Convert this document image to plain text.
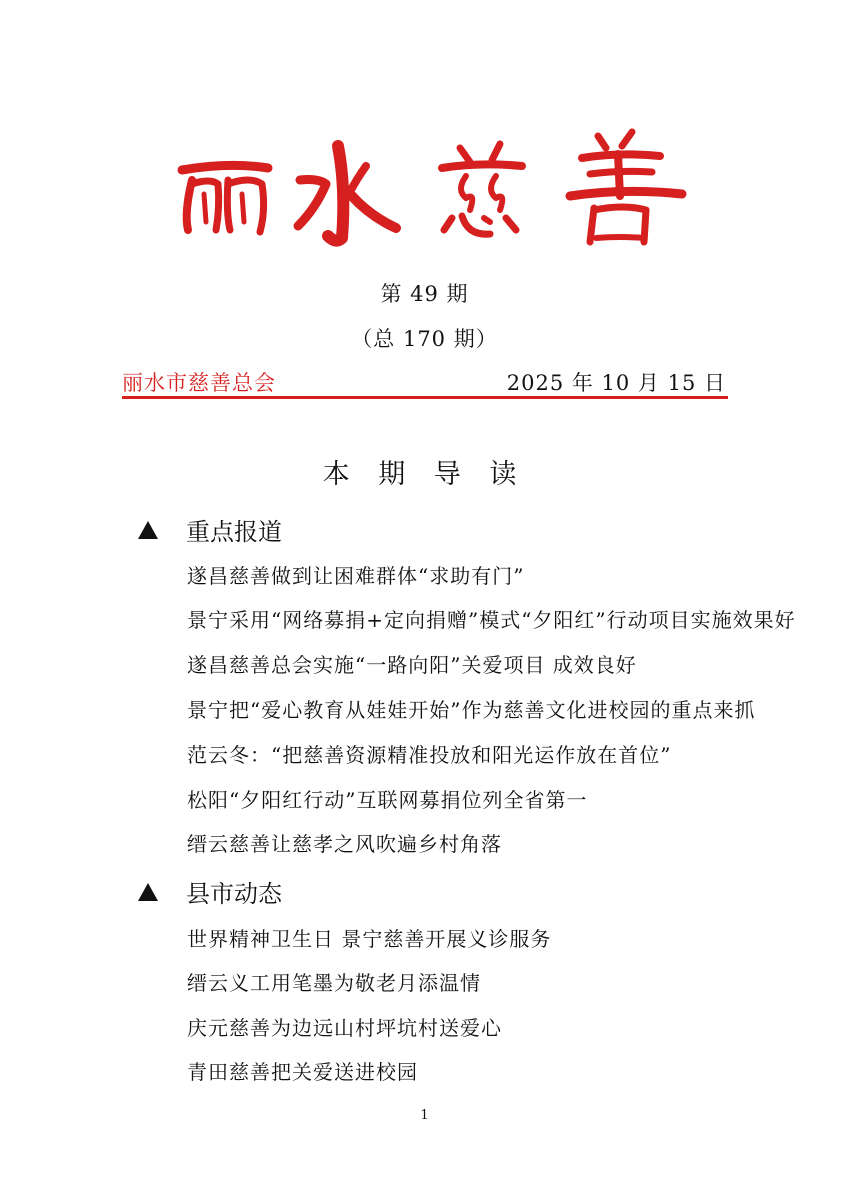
第 49 期
（总 170 期）
丽水市慈善总会	2025 年 10 月 15 日
本 期 导 读
重点报道
遂昌慈善做到让困难群体“求助有门”
景宁采用“网络募捐+定向捐赠”模式“夕阳红”行动项目实施效果好
遂昌慈善总会实施“一路向阳”关爱项目 成效良好
景宁把“爱心教育从娃娃开始”作为慈善文化进校园的重点来抓
范云冬：“把慈善资源精准投放和阳光运作放在首位”
松阳“夕阳红行动”互联网募捐位列全省第一
缙云慈善让慈孝之风吹遍乡村角落
县市动态
世界精神卫生日 景宁慈善开展义诊服务
缙云义工用笔墨为敬老月添温情
庆元慈善为边远山村坪坑村送爱心
青田慈善把关爱送进校园
1
